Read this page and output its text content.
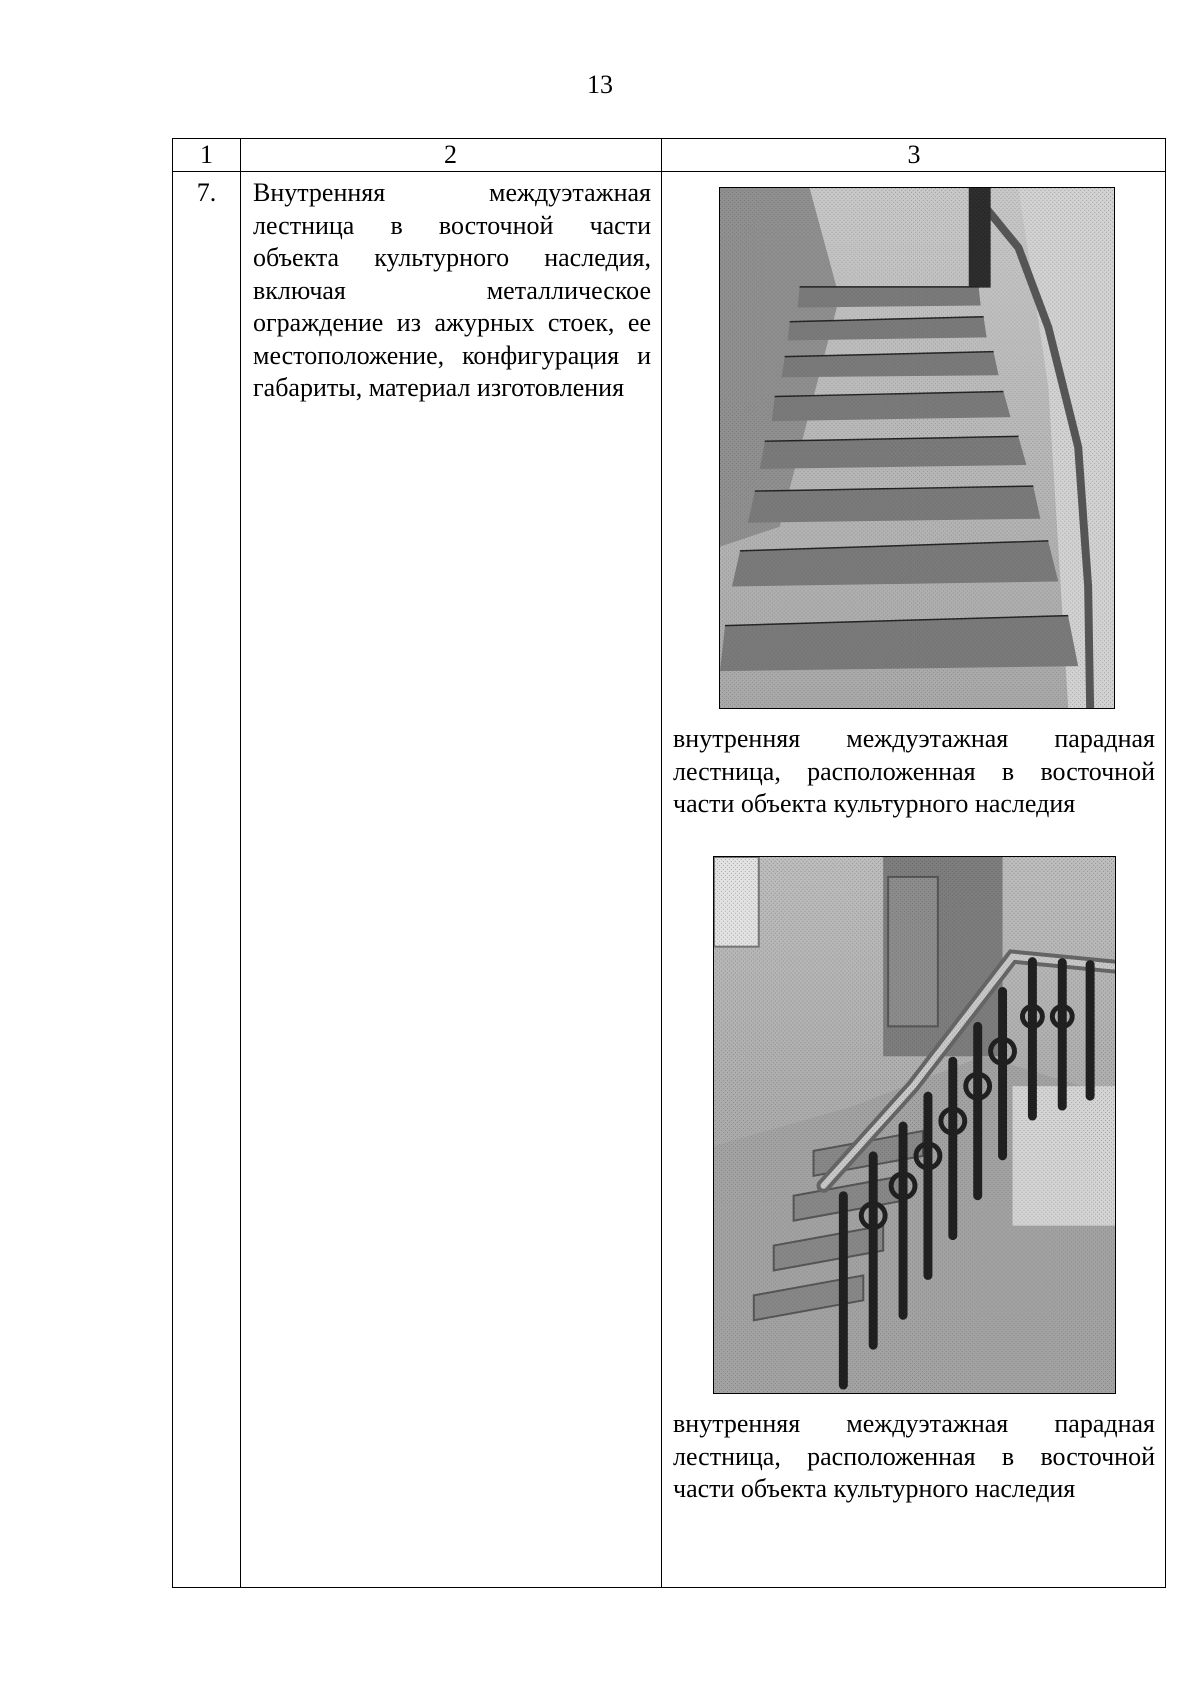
13
1	2	3
7.	Внутренняя междуэтажная лестница в восточной части объекта культурного наследия, включая металлическое ограждение из ажурных стоек, ее местоположение, конфигурация и габариты, материал изготовления
внутренняя междуэтажная парадная лестница, расположенная в восточной части объекта культурного наследия
внутренняя междуэтажная парадная лестница, расположенная в восточной части объекта культурного наследия
